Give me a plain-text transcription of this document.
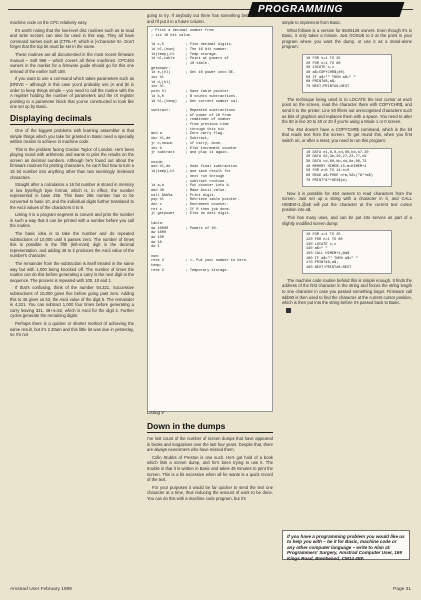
PROGRAMMING

machine code on the CPC relatively easy.

It's worth noting that the low-level disc routines such as to read and write sectors can also be used in this way. They all have command names such as |CTRL+F, which is |<character 6>. Don't forget that the top bit must be set in the name.

These routines are all documented in the most recent firmware manual – Soft 968 – which covers all three machines. CPC464 owners in the market for a firmware guide should go for this one instead of the earlier Soft 158.

If you want to use a command which takes parameters such as |DRIVE – although in this case you'd probably use |A and |B in order to keep things simple – you need to call the routine with the A register holding the number of parameters and the IX register pointing to a parameter block that you've constructed to look like one set up by Basic.

Displaying decimals

One of the biggest problems with learning assembler is that simple things which you take for granted in Basic need a specially written routine to achieve in machine code.

This is the problem facing Gordon Taylor of London. He's been playing round with arithmetic and wants to print the results on the screen as decimal numbers. Although he's found out about the firmware routines for printing characters, he can't find how to turn a 16 bit number into anything other than two seemingly irrelevant characters.

Straight after a calculation a 16 bit number is stored in memory in low byte/high byte format, which is, in effect, the number represented in base 256. This base 256 number has to be converted to base 10, and the individual digits further translated to the Ascii values of the characters 0 to 9.

Listing II is a program segment to convert and print the number in such a way that it can be printed with a number before you call the routine.

The basic idea is to take the number and do repeated subtractions of 10,000 until it passes zero. The number of times this is possible is the fifth (left-most) digit in the decimal representation, and adding 48 to it produces the Ascii value of the number's character.

The remainder from the subtraction is itself treated in the same way but with 1,000 being knocked off. The number of times the routine can do this before generating a carry is the next digit in the sequence. The process is repeated with 100, 10 and 1.

If that's confusing, think of the number 54,321. Successive subtractions of 10,000 gives five before going past zero. Adding this to 48 gives us 53, the Ascii value of the digit 5. The remainder is 4,321. You can subtract 1,000 four times before generating a carry leaving 321. 48+4=52, which is Ascii for the digit 4. Further cycles generate the remaining digits.

Perhaps there is a quicker or shorter method of achieving the same result, but it's 2.30am and this little lot was due in yesterday, so I'm not

going to try. If anybody out there has something better, send it in and I'll put it in a future column.

; Print a decimal number from
; its 16 bit value.

ld c,5          ; Five decimal digits.
ld hl,(num)     ; The 16 bit number.
ld(temp),hl     ; Temp storage.
ld hl,table     ; Point at powers of
; 10 table.
getpower:
ld e,(hl)       ; Get 10 power into DE.
inc hl
ld d,(hl)
inc hl
push hl         ; Save table pointer.
ld b,0          ; B counts subtractions.
ld hl,(temp)    ; Get current number val.

subtract:       ; Repeated subtractions
; of power of 10 from
; remainder of number
; from previous time
; through this bit.
and a           ; Zero carry flag.
sbc hl,de       ; Subtract,
jr c,nosub      ; if carry, done.
inc b           ; Else increment counter
jr subtract     ; and play it again.

nosub:
add hl,de       ; Undo final subtraction
ld(temp),hl     ; and save result for
; next run through
; subtract routine.
ld a,b          ; Put counter into A.
add 48          ; Make Ascii value.
call &bb5a      ; Print digit.
pop hl          ; Retrieve table pointer.
dec c           ; Decrement counter.
ret z           ; If 0 then job done.
jr getpower     ; Else do next digit.

table:
dw 10000        ; Powers of 10.
dw 1000
dw 100
dw 10
dw 1

num:
rese 2          ; <- Put your number in here.
temp:
rese 2          ; Temporary storage.
Listing V
Down in the dumps

I've lost count of the number of screen dumps that have appeared in books and magazines over the last four years. Despite that, there are always newcomers who have missed them.

Colin Stubbs of Preston is one such. He's got hold of a book which lists a screen dump, and he's been trying to use it. The trouble is that it is written in Basic and takes 45 minutes to print the screen. This is a bit excessive when all he wants is a quick record of the text.

For your purposes it would be far quicker to send the text one character at a time, thus reducing the amount of work to be done. You can do this with a machine code program, but it's

simple to implement from Basic.

What follows is a version for 664/6128 owners. Even though it's in Basic, it only takes a minute. Just GOSUB to it at the point in your program where you want the dump, or use it as a stand-alone program:

10 FOR x=1 TO 25
20 FOR c=1 TO 80
30 LOCATE c,x
40 a$=COPYCHR$(#0)
50 IF a$="" THEN a$=" "
60 PRINT#8,a$;
70 NEXT:PRINT#8:NEXT

The technique being used is to LOCATE the text cursor at each point on the screen, read the character there with COPYCHR$, and send it to the printer. Line 50 filters out unrecognised characters such as bits of graphics and replaces them with a space. You need to alter the 80 in line 20 to 40 or 20 if you're using a Mode 1 or 0 screen.

The 464 doesn't have a COPYCHR$ command, which is the bit that reads text from the screen. To get round this, when you first switch on, or after a reset, you need to run this program:

10 DATA e1,0,0,cd,60,bb,b7,20
20 DATA 02,3e,20,27,23,77,c9
30 DATA cd,60,bb,dd,6e,00,73
40 MEMORY HIMEM-15:m=HIMEM+1
50 FOR n=0 TO 14:n=0
60 READ a$:POKE n+m,VAL("&"+a$)
70 PRINT"&"+HEX$(m)

Now it is possible for 464 owners to read characters from the screen. Just set up a string with a character in it, and CALL HIMEM+1,@a$ will put the character at the current text cursor position into a$.

This has many uses, and can be put into service as part of a slightly modified screen dump:

10 FOR x=1 TO 25
120 FOR c=1 TO 80
130 LOCATE c,x
140 a$=" "
150 CALL HIMEM+1,@a$
160 IF a$="" THEN a$=" "
170 PRINT#8,a$;
180 NEXT:PRINT#8:NEXT

The machine code routine behind this is simple enough. It finds the address of the first character in the string and forces the string length to one character in case you passed something larger. Firmware call &bb60 is then used to find the character at the current cursor position, which is then put into the string before it's passed back to Basic.

If you have a programming problem you would like us to help you with – be it for Basic, machine code or any other computer language – write to Alan at: Programmers' Surgery, Amstrad Computer User, 169 Kings Road, Brentwood, CM14 4EF.
Amstrad User February 1989	Page 31
